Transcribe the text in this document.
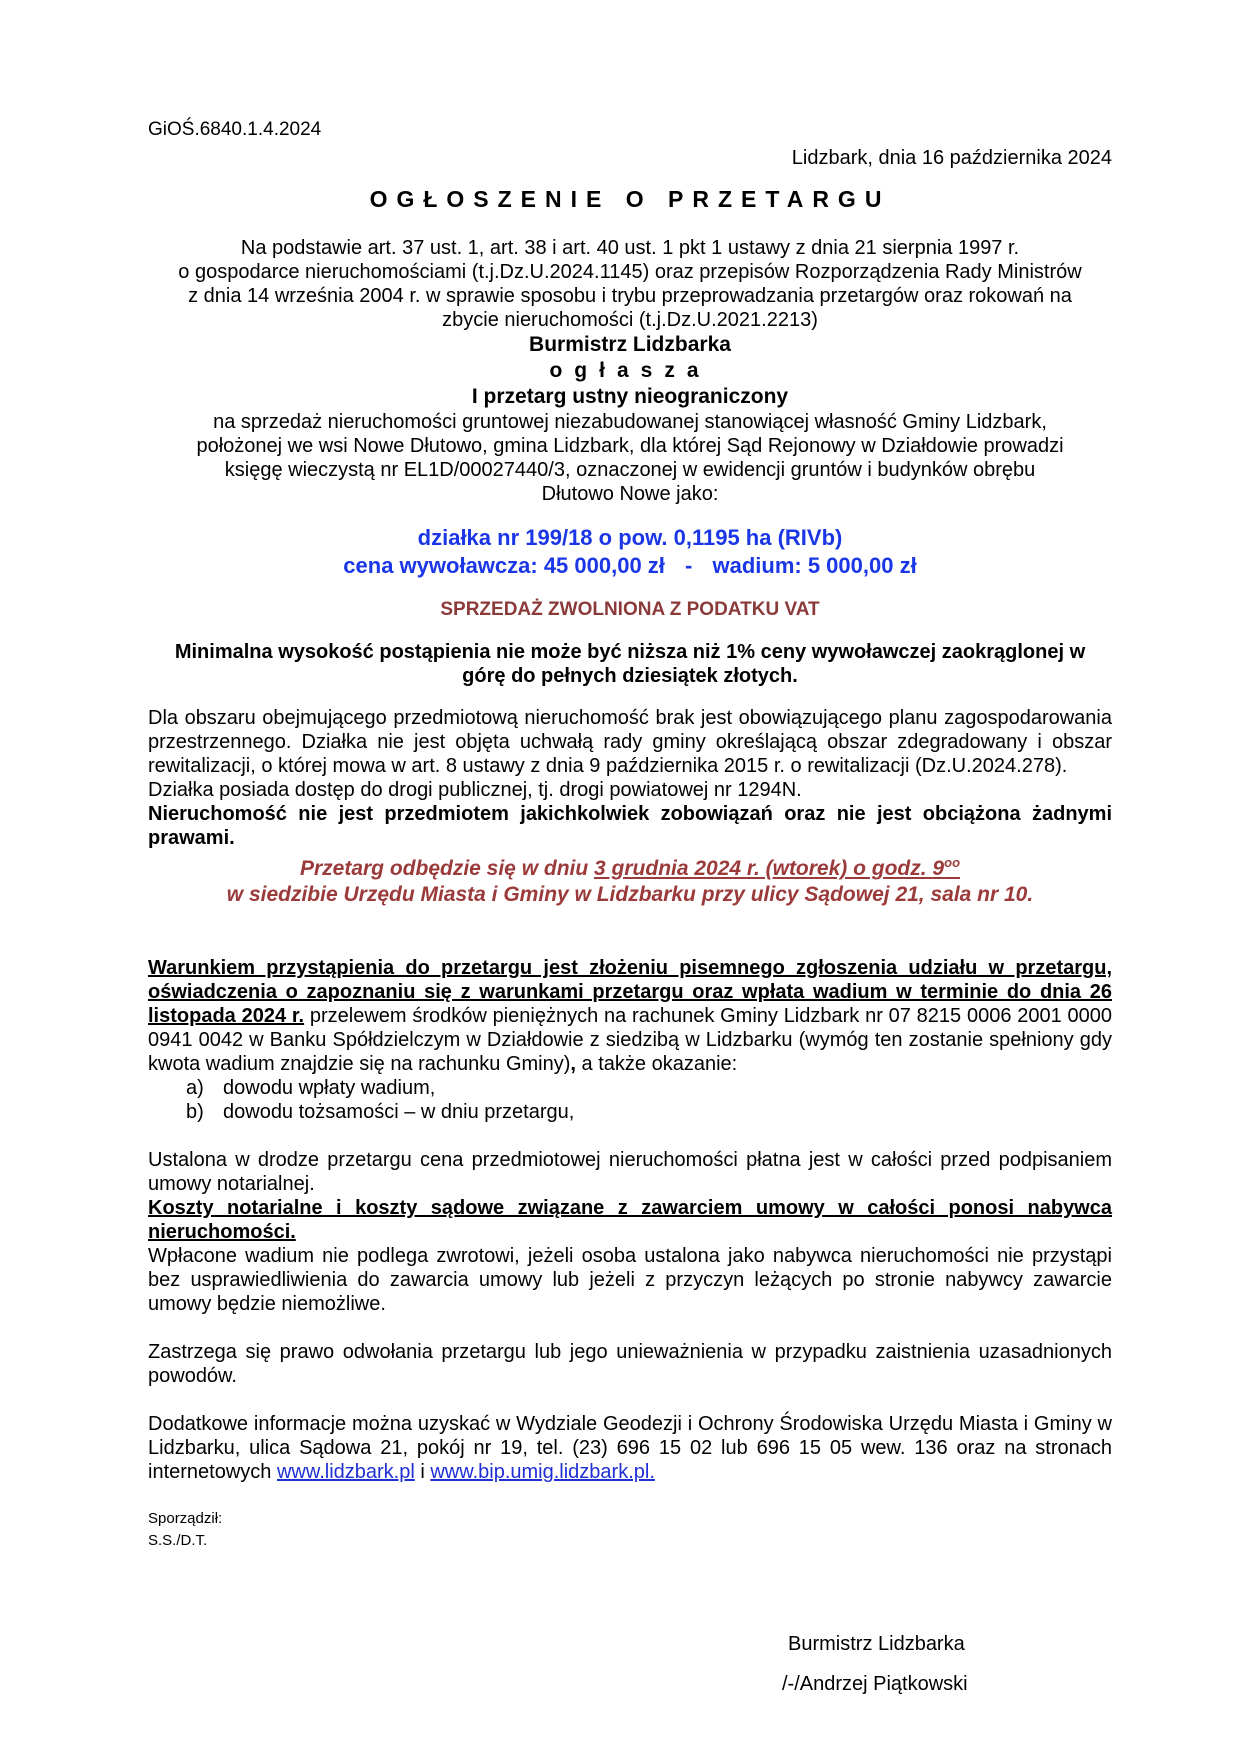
GiOŚ.6840.1.4.2024

Lidzbark, dnia 16 października 2024

OGŁOSZENIE O PRZETARGU

Na podstawie art. 37 ust. 1, art. 38 i art. 40 ust. 1 pkt 1 ustawy z dnia 21 sierpnia 1997 r.

o gospodarce nieruchomościami (t.j.Dz.U.2024.1145) oraz przepisów Rozporządzenia Rady Ministrów

z dnia 14 września 2004 r. w sprawie sposobu i trybu przeprowadzania przetargów oraz rokowań na

zbycie nieruchomości (t.j.Dz.U.2021.2213)

Burmistrz Lidzbarka

ogłasza

I przetarg ustny nieograniczony

na sprzedaż nieruchomości gruntowej niezabudowanej stanowiącej własność Gminy Lidzbark,

położonej we wsi Nowe Dłutowo, gmina Lidzbark, dla której Sąd Rejonowy w Działdowie prowadzi

księgę wieczystą nr EL1D/00027440/3, oznaczonej w ewidencji gruntów i budynków obrębu

Dłutowo Nowe jako:

działka nr 199/18 o pow. 0,1195 ha (RIVb)

cena wywoławcza: 45 000,00 zł - wadium: 5 000,00 zł

SPRZEDAŻ ZWOLNIONA Z PODATKU VAT

Minimalna wysokość postąpienia nie może być niższa niż 1% ceny wywoławczej zaokrąglonej w górę do pełnych dziesiątek złotych.

Dla obszaru obejmującego przedmiotową nieruchomość brak jest obowiązującego planu zagospodarowania przestrzennego. Działka nie jest objęta uchwałą rady gminy określającą obszar zdegradowany i obszar rewitalizacji, o której mowa w art. 8 ustawy z dnia 9 października 2015 r. o rewitalizacji (Dz.U.2024.278).

Działka posiada dostęp do drogi publicznej, tj. drogi powiatowej nr 1294N.

Nieruchomość nie jest przedmiotem jakichkolwiek zobowiązań oraz nie jest obciążona żadnymi prawami.

Przetarg odbędzie się w dniu 3 grudnia 2024 r. (wtorek) o godz. $9^{oo}$

w siedzibie Urzędu Miasta i Gminy w Lidzbarku przy ulicy Sądowej 21, sala nr 10.

Warunkiem przystąpienia do przetargu jest złożeniu pisemnego zgłoszenia udziału w przetargu, oświadczenia o zapoznaniu się z warunkami przetargu oraz wpłata wadium w terminie do dnia 26 listopada 2024 r. przelewem środków pieniężnych na rachunek Gminy Lidzbark nr 07 8215 0006 2001 0000 0941 0042 w Banku Spółdzielczym w Działdowie z siedzibą w Lidzbarku (wymóg ten zostanie spełniony gdy kwota wadium znajdzie się na rachunku Gminy), a także okazanie:

a) dowodu wpłaty wadium,
b) dowodu tożsamości – w dniu przetargu,

Ustalona w drodze przetargu cena przedmiotowej nieruchomości płatna jest w całości przed podpisaniem umowy notarialnej.

Koszty notarialne i koszty sądowe związane z zawarciem umowy w całości ponosi nabywca nieruchomości.

Wpłacone wadium nie podlega zwrotowi, jeżeli osoba ustalona jako nabywca nieruchomości nie przystąpi bez usprawiedliwienia do zawarcia umowy lub jeżeli z przyczyn leżących po stronie nabywcy zawarcie umowy będzie niemożliwe.

Zastrzega się prawo odwołania przetargu lub jego unieważnienia w przypadku zaistnienia uzasadnionych powodów.

Dodatkowe informacje można uzyskać w Wydziale Geodezji i Ochrony Środowiska Urzędu Miasta i Gminy w Lidzbarku, ulica Sądowa 21, pokój nr 19, tel. (23) 696 15 02 lub 696 15 05 wew. 136 oraz na stronach internetowych www.lidzbark.pl i www.bip.umig.lidzbark.pl.

Sporządził:

S.S./D.T.

Burmistrz Lidzbarka

/-/Andrzej Piątkowski
